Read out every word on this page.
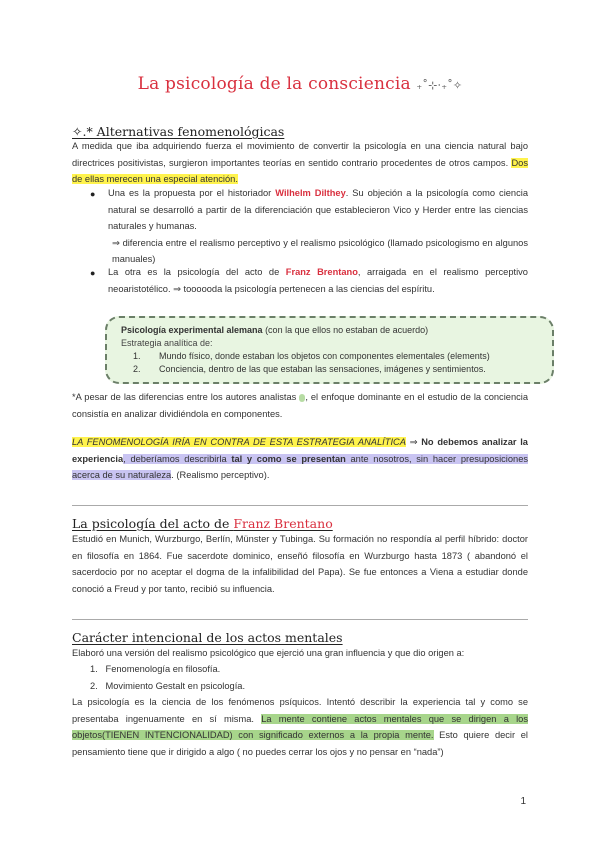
La psicología de la consciencia ₊˚⊹‧₊˚✧
✧.* Alternativas fenomenológicas
A medida que iba adquiriendo fuerza el movimiento de convertir la psicología en una ciencia natural bajo directrices positivistas, surgieron importantes teorías en sentido contrario procedentes de otros campos. Dos de ellas merecen una especial atención.
● Una es la propuesta por el historiador Wilhelm Dilthey. Su objeción a la psicología como ciencia natural se desarrolló a partir de la diferenciación que establecieron Vico y Herder entre las ciencias naturales y humanas.
⇒ diferencia entre el realismo perceptivo y el realismo psicológico (llamado psicologismo en algunos manuales)
● La otra es la psicología del acto de Franz Brentano, arraigada en el realismo perceptivo neoaristotélico. ⇒ toooooda la psicología pertenecen a las ciencias del espíritu.
Psicología experimental alemana (con la que ellos no estaban de acuerdo)
Estrategia analítica de:
1. Mundo físico, donde estaban los objetos con componentes elementales (elements)
2. Conciencia, dentro de las que estaban las sensaciones, imágenes y sentimientos.
*A pesar de las diferencias entre los autores analistas , el enfoque dominante en el estudio de la conciencia consistía en analizar dividiéndola en componentes.
LA FENOMENOLOGÍA IRÍA EN CONTRA DE ESTA ESTRATEGIA ANALÍTICA ⇒ No debemos analizar la experiencia, deberíamos describirla tal y como se presentan ante nosotros, sin hacer presuposiciones acerca de su naturaleza. (Realismo perceptivo).
La psicología del acto de Franz Brentano
Estudió en Munich, Wurzburgo, Berlín, Münster y Tubinga. Su formación no respondía al perfil híbrido: doctor en filosofía en 1864. Fue sacerdote dominico, enseñó filosofía en Wurzburgo hasta 1873 ( abandonó el sacerdocio por no aceptar el dogma de la infalibilidad del Papa). Se fue entonces a Viena a estudiar donde conoció a Freud y por tanto, recibió su influencia.
Carácter intencional de los actos mentales
Elaboró una versión del realismo psicológico que ejerció una gran influencia y que dio origen a:
1.   Fenomenología en filosofía.
2.   Movimiento Gestalt en psicología.
La psicología es la ciencia de los fenómenos psíquicos. Intentó describir la experiencia tal y como se presentaba ingenuamente en sí misma. La mente contiene actos mentales que se dirigen a los objetos(TIENEN INTENCIONALIDAD) con significado externos a la propia mente. Esto quiere decir el pensamiento tiene que ir dirigido a algo ( no puedes cerrar los ojos y no pensar en “nada”)
1
